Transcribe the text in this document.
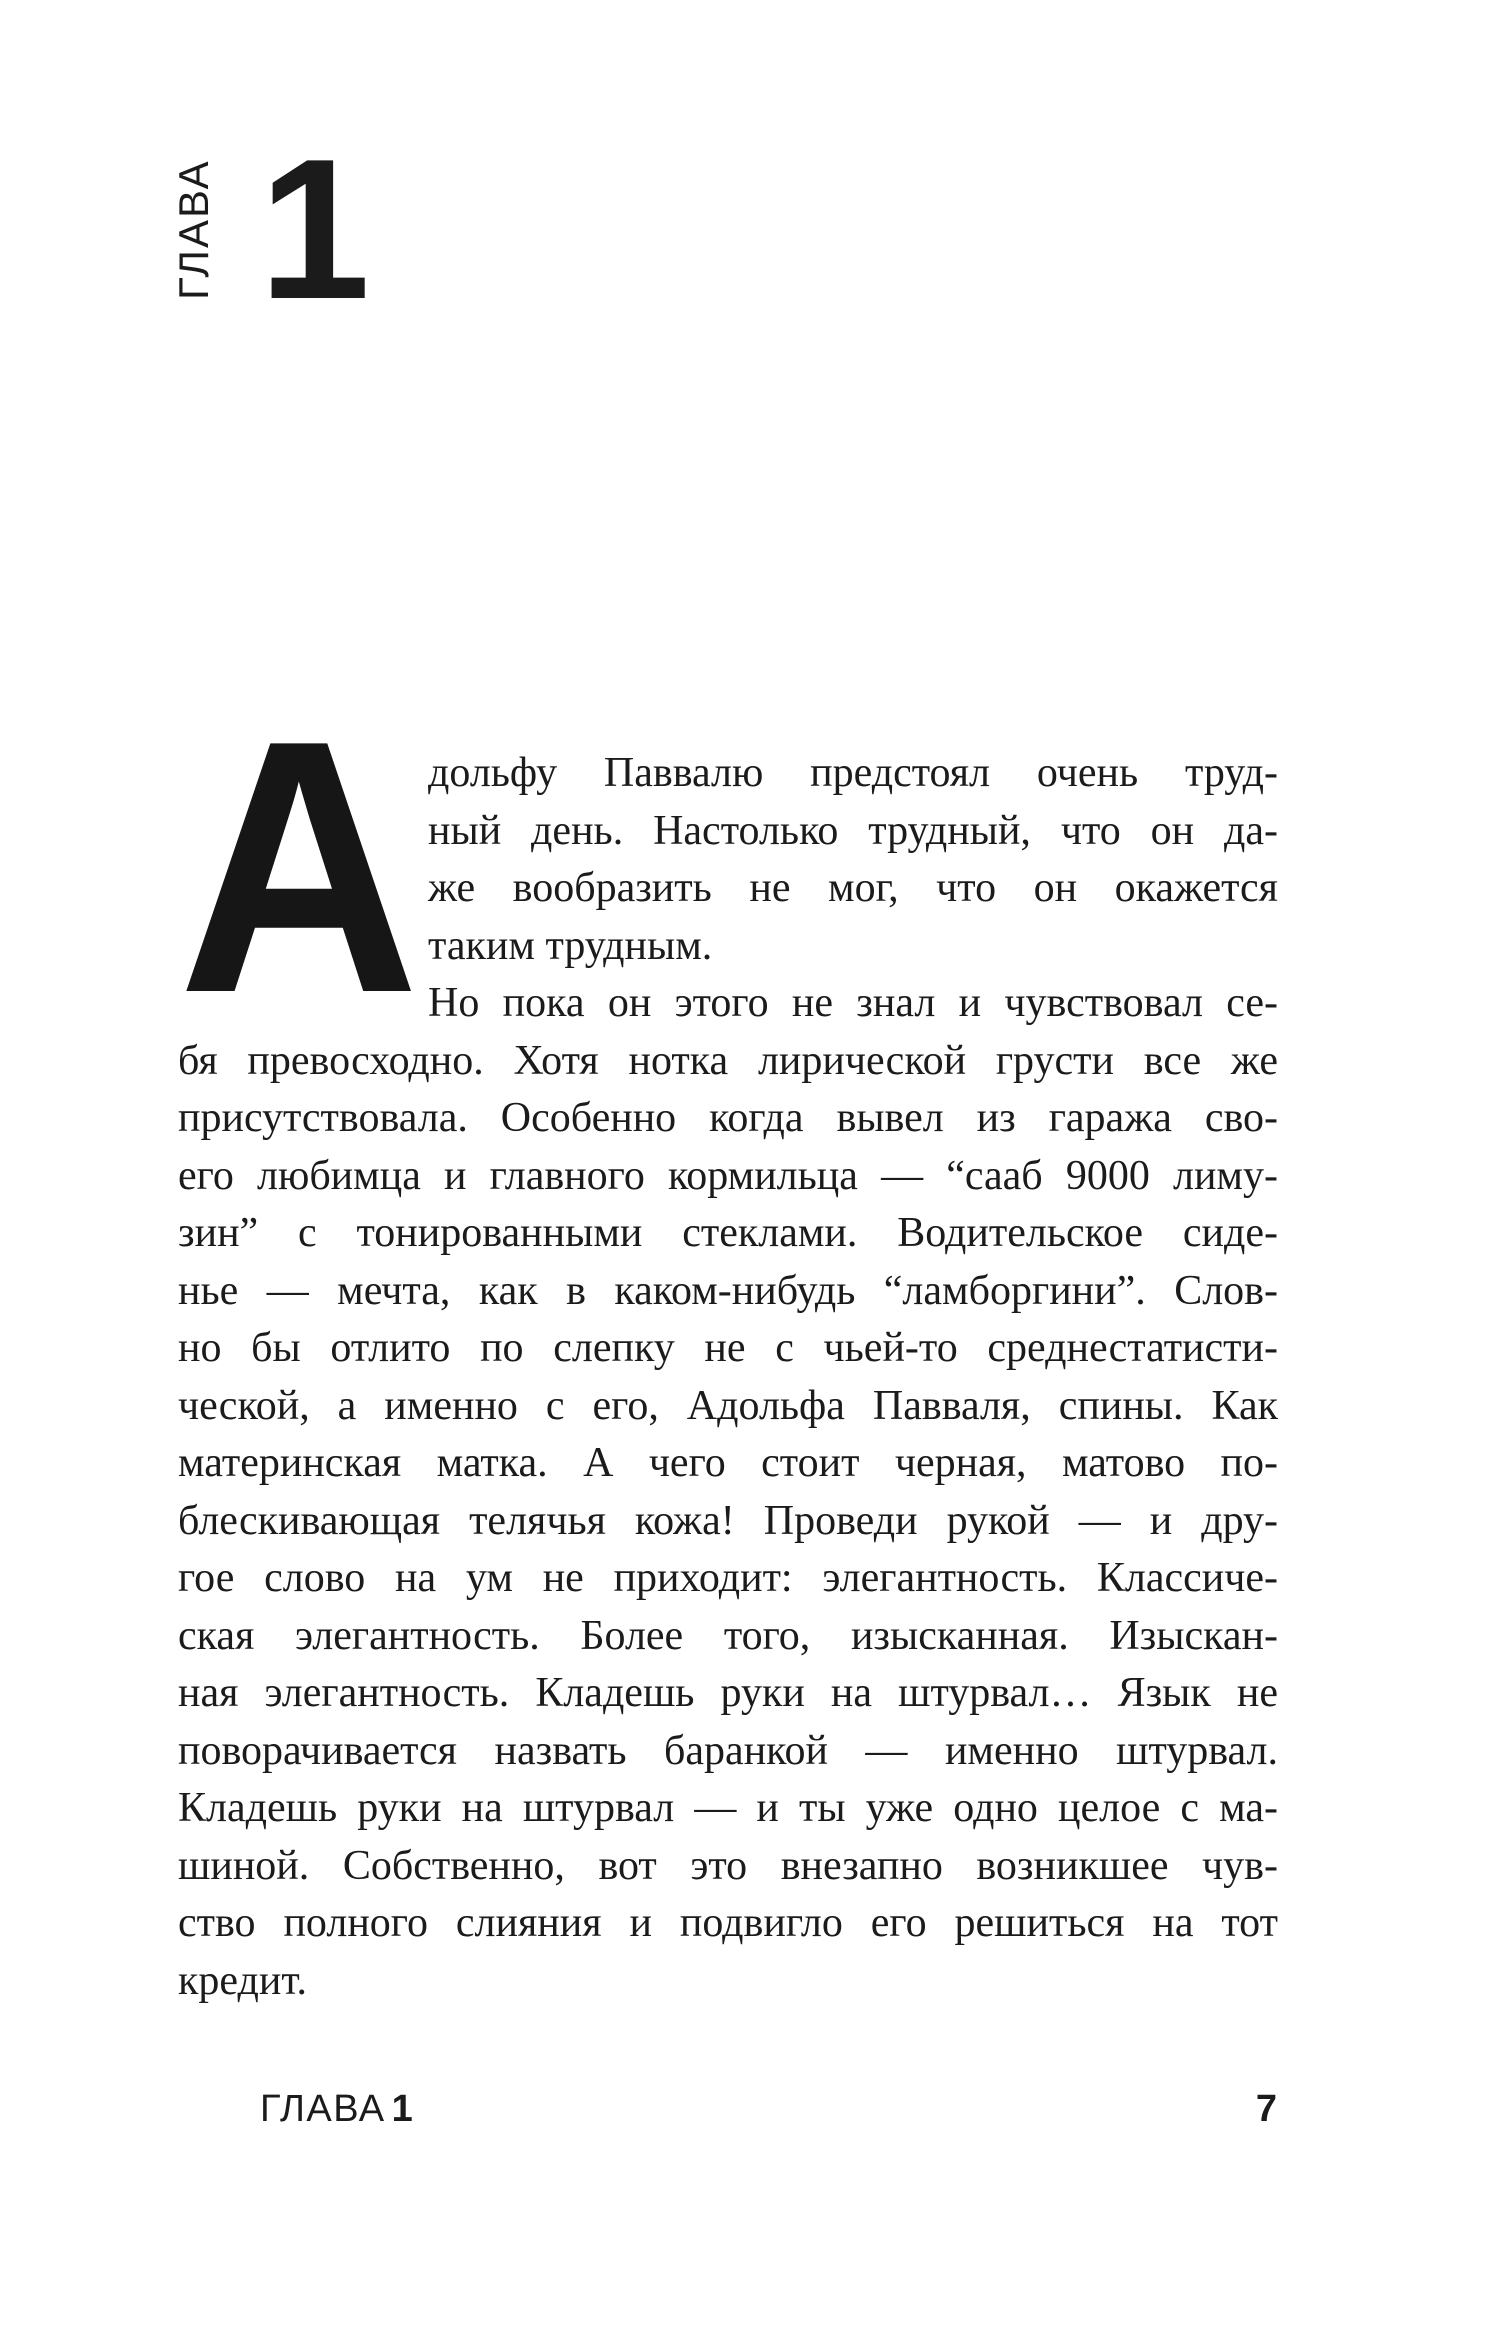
ГЛАВА 1
А дольфу Паввалю предстоял очень труд-
ный день. Настолько трудный, что он да-
же вообразить не мог, что он окажется
таким трудным.
Но пока он этого не знал и чувствовал се-
бя превосходно. Хотя нотка лирической грусти все же
присутствовала. Особенно когда вывел из гаража сво-
его любимца и главного кормильца — “сааб 9000 лиму-
зин” с тонированными стеклами. Водительское сиде-
нье — мечта, как в каком-нибудь “ламборгини”. Слов-
но бы отлито по слепку не с чьей-то среднестатисти-
ческой, а именно с его, Адольфа Павваля, спины. Как
материнская матка. А чего стоит черная, матово по-
блескивающая телячья кожа! Проведи рукой — и дру-
гое слово на ум не приходит: элегантность. Классиче-
ская элегантность. Более того, изысканная. Изыскан-
ная элегантность. Кладешь руки на штурвал… Язык не
поворачивается назвать баранкой — именно штурвал.
Кладешь руки на штурвал — и ты уже одно целое с ма-
шиной. Собственно, вот это внезапно возникшее чув-
ство полного слияния и подвигло его решиться на тот
кредит.
ГЛАВА 1	7
